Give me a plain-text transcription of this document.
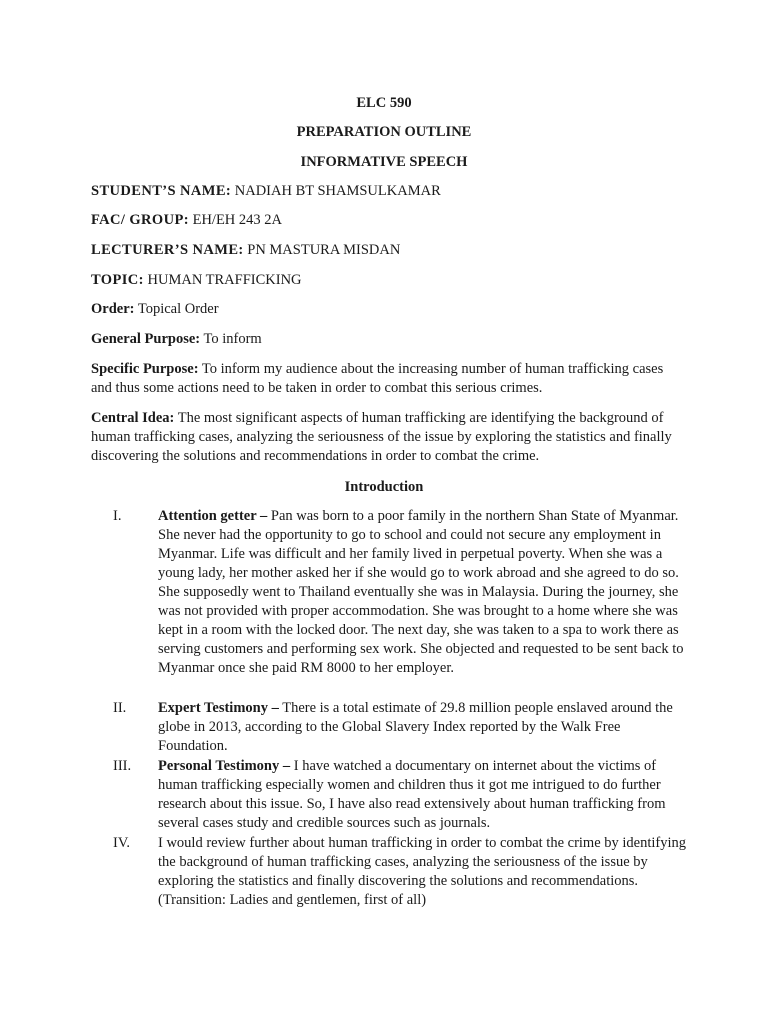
ELC 590
PREPARATION OUTLINE
INFORMATIVE SPEECH
STUDENT’S NAME: NADIAH BT SHAMSULKAMAR
FAC/ GROUP: EH/EH 243 2A
LECTURER’S NAME: PN MASTURA MISDAN
TOPIC: HUMAN TRAFFICKING
Order: Topical Order
General Purpose: To inform
Specific Purpose: To inform my audience about the increasing number of human trafficking cases and thus some actions need to be taken in order to combat this serious crimes.
Central Idea: The most significant aspects of human trafficking are identifying the background of human trafficking cases, analyzing the seriousness of the issue by exploring the statistics and finally discovering the solutions and recommendations in order to combat the crime.
Introduction
I.	Attention getter – Pan was born to a poor family in the northern Shan State of Myanmar. She never had the opportunity to go to school and could not secure any employment in Myanmar. Life was difficult and her family lived in perpetual poverty. When she was a young lady, her mother asked her if she would go to work abroad and she agreed to do so. She supposedly went to Thailand eventually she was in Malaysia. During the journey, she was not provided with proper accommodation. She was brought to a home where she was kept in a room with the locked door. The next day, she was taken to a spa to work there as serving customers and performing sex work. She objected and requested to be sent back to Myanmar once she paid RM 8000 to her employer.
II. Expert Testimony – There is a total estimate of 29.8 million people enslaved around the globe in 2013, according to the Global Slavery Index reported by the Walk Free Foundation.
III. Personal Testimony – I have watched a documentary on internet about the victims of human trafficking especially women and children thus it got me intrigued to do further research about this issue. So, I have also read extensively about human trafficking from several cases study and credible sources such as journals.
IV. I would review further about human trafficking in order to combat the crime by identifying the background of human trafficking cases, analyzing the seriousness of the issue by exploring the statistics and finally discovering the solutions and recommendations.
(Transition: Ladies and gentlemen, first of all)
